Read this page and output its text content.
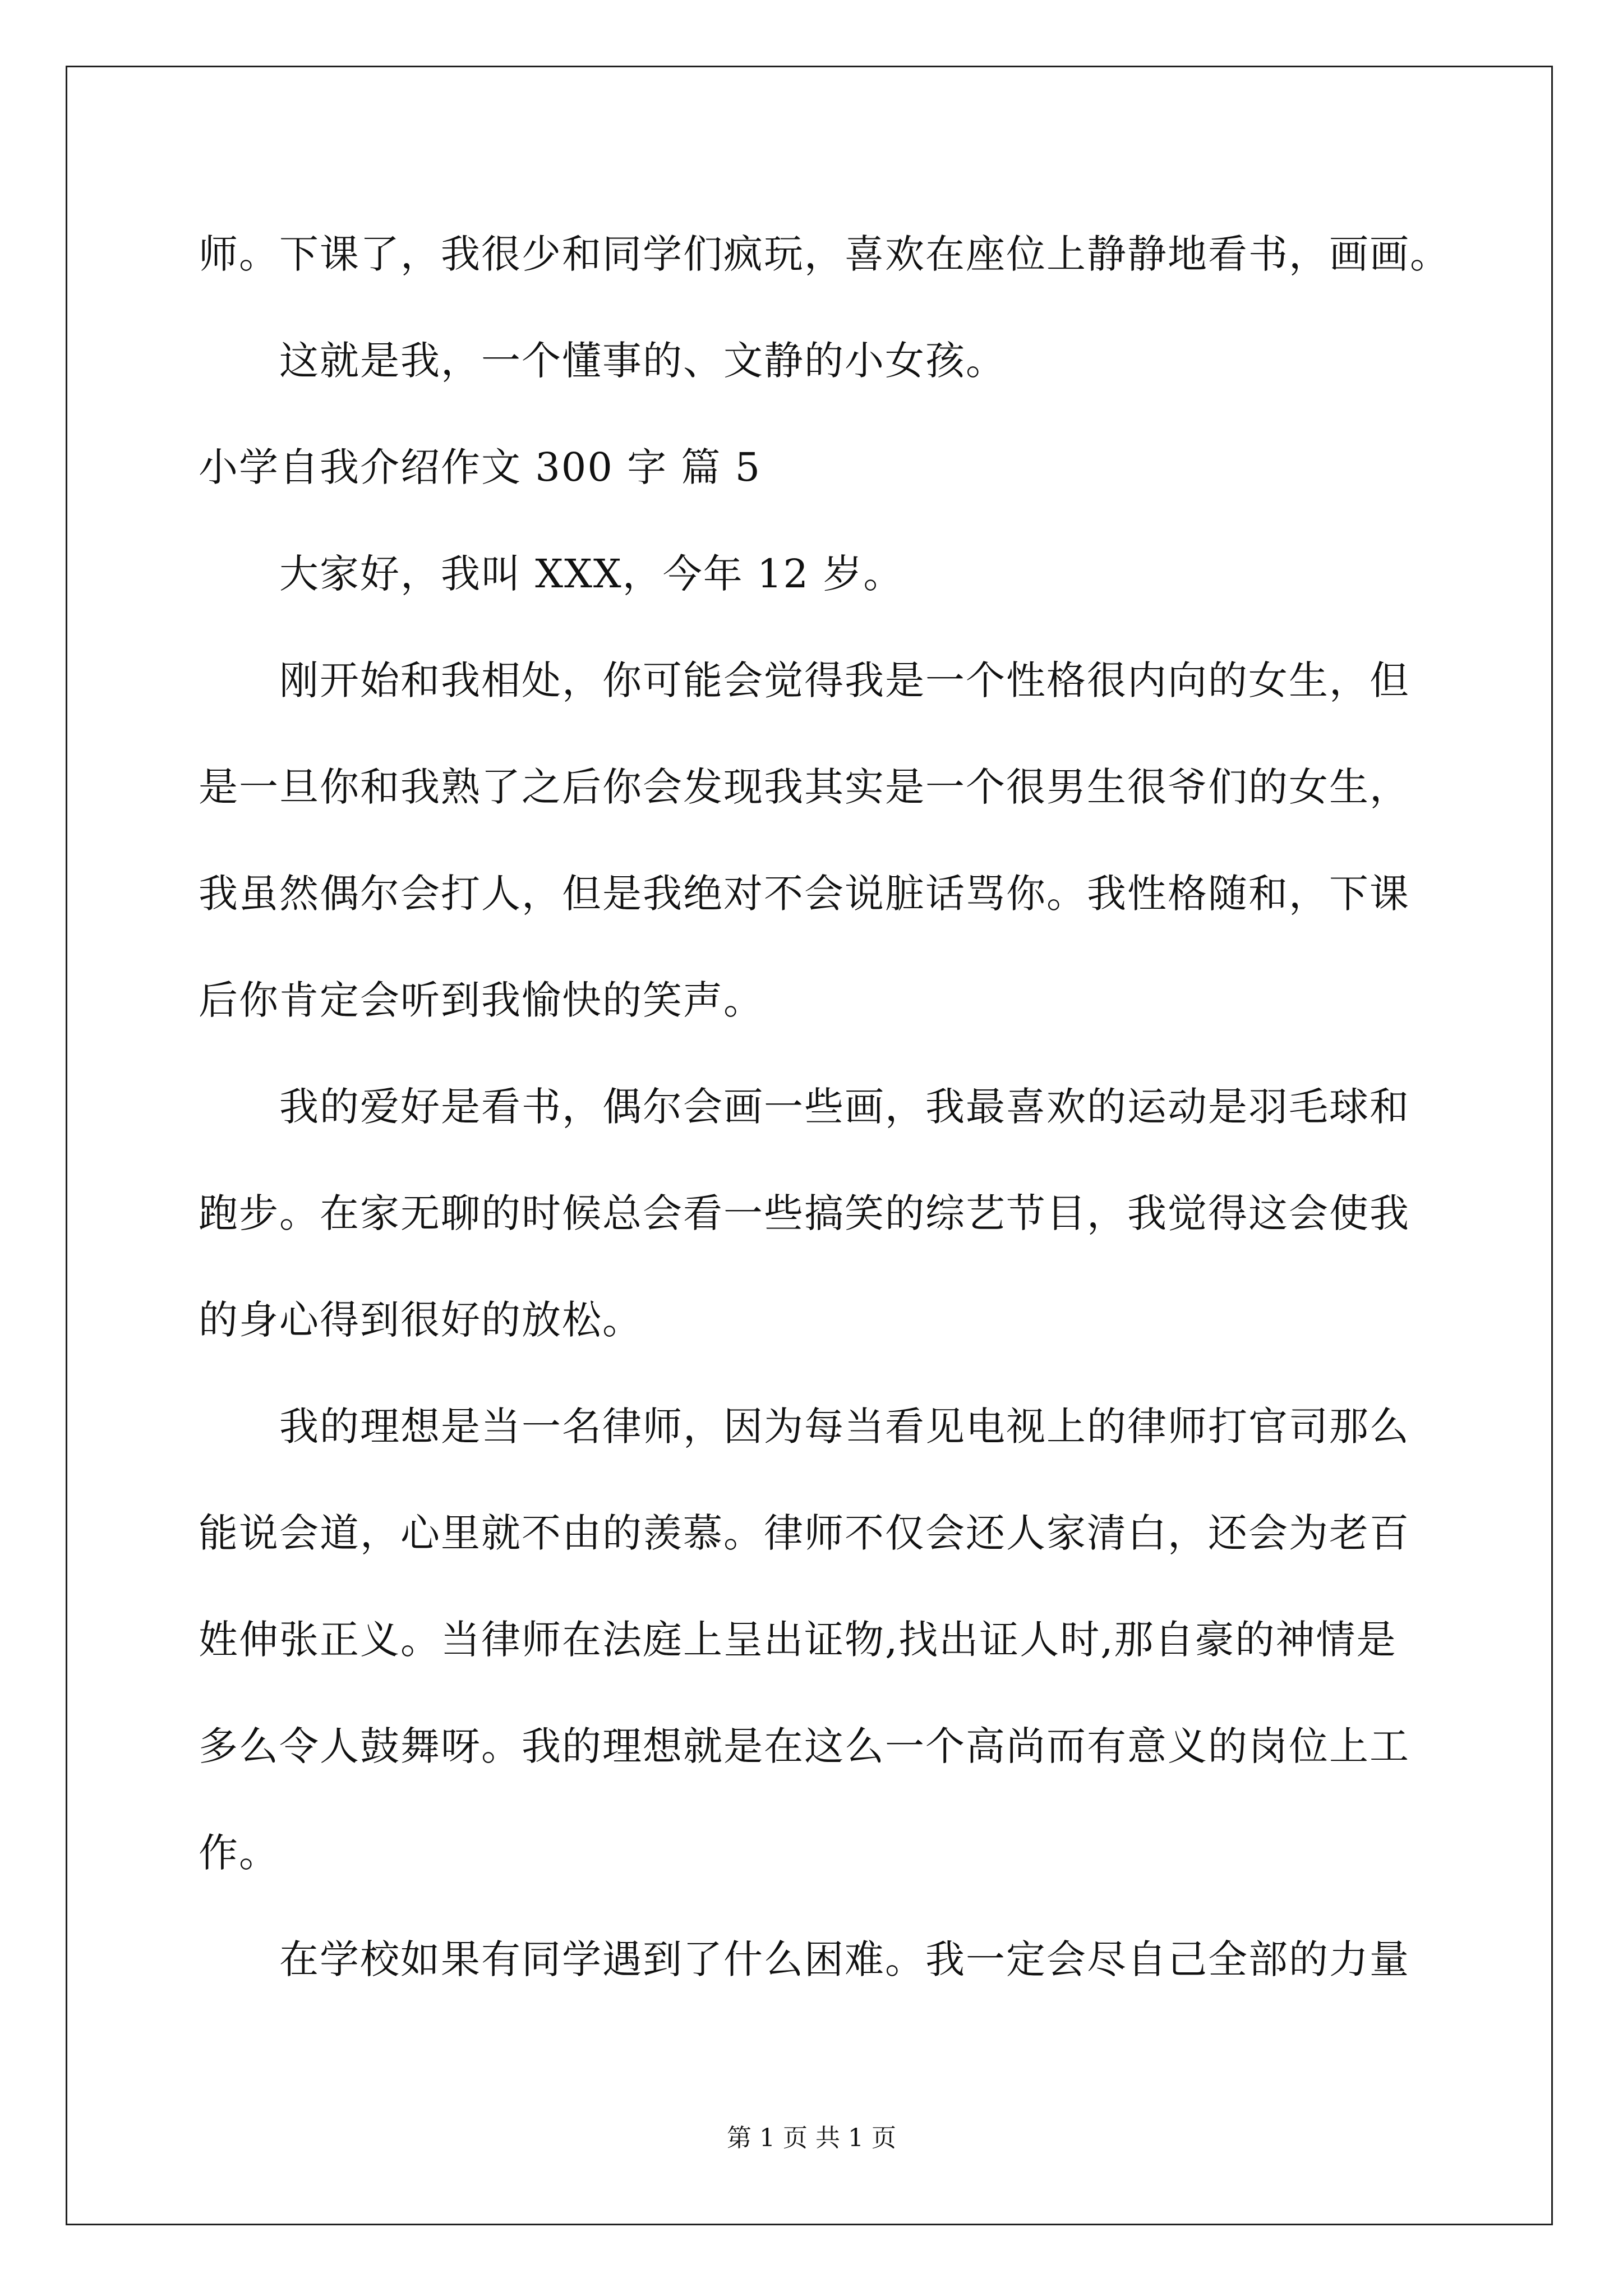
师。下课了，我很少和同学们疯玩，喜欢在座位上静静地看书，画画。
这就是我，一个懂事的、文静的小女孩。
小学自我介绍作文 300 字 篇 5
大家好，我叫 XXX，今年 12 岁。
刚开始和我相处，你可能会觉得我是一个性格很内向的女生，但
是一旦你和我熟了之后你会发现我其实是一个很男生很爷们的女生，
我虽然偶尔会打人，但是我绝对不会说脏话骂你。我性格随和，下课
后你肯定会听到我愉快的笑声。
我的爱好是看书，偶尔会画一些画，我最喜欢的运动是羽毛球和
跑步。在家无聊的时候总会看一些搞笑的综艺节目，我觉得这会使我
的身心得到很好的放松。
我的理想是当一名律师，因为每当看见电视上的律师打官司那么
能说会道，心里就不由的羡慕。律师不仅会还人家清白，还会为老百
姓伸张正义。当律师在法庭上呈出证物,找出证人时,那自豪的神情是
多么令人鼓舞呀。我的理想就是在这么一个高尚而有意义的岗位上工
作。
在学校如果有同学遇到了什么困难。我一定会尽自己全部的力量
第 1 页 共 1 页
